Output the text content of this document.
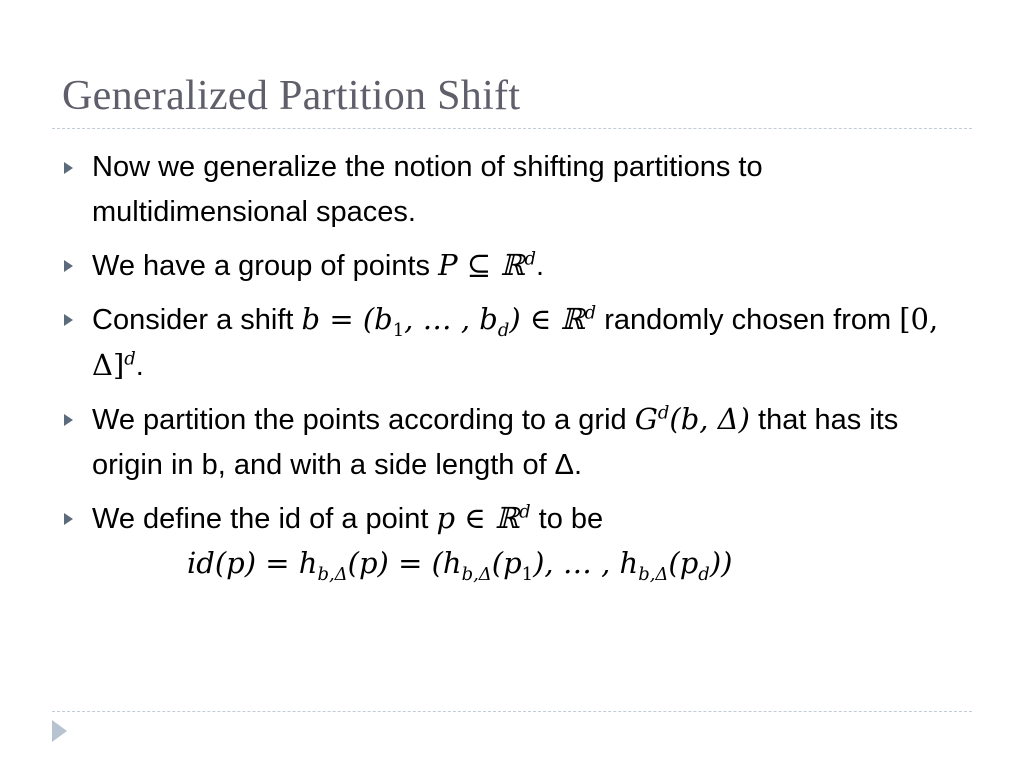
Generalized Partition Shift
Now we generalize the notion of shifting partitions to multidimensional spaces.
We have a group of points P ⊆ ℝ$^d$.
Consider a shift $b = (b_1$, … , $b_d$) ∈ ℝ$^d$ randomly chosen from [0, Δ]$^d$.
We partition the points according to a grid $G^d(b$, Δ) that has its origin in b, and with a side length of Δ.
We define the id of a point p ∈ ℝ$^d$ to be
$id(p) = h_{b,\Delta}(p) = (h_{b,\Delta}(p_1)$, … , $h_{b,\Delta}(p_d)$)
